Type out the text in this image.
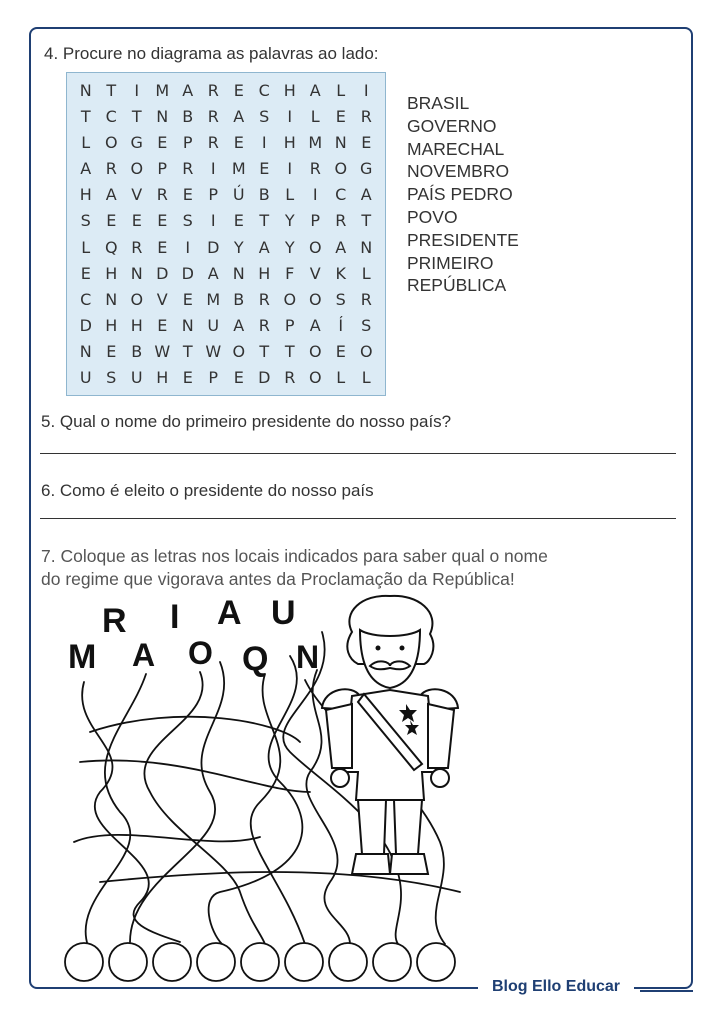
4. Procure no diagrama as palavras ao lado:
N T	I	M A R E C H A L	I
T C T N B R A S	I	L E R
L O G E P R E	I	H M N E
A R O P R	I	M E	I	R O G
H A V R E P Ú B L	I	C A
S E E E S	I	E T Y P R T
L Q R E	I	D Y A Y O A N
E H N D D A N H F V K L
C N O V E M B R O O S R
D H H E N U A R P A	Í	S
N E B W T W O T T O E O
U S U H E P E D R O L	L
BRASIL
GOVERNO
MARECHAL
NOVEMBRO
PAÍS PEDRO
POVO
PRESIDENTE
PRIMEIRO
REPÚBLICA
5. Qual o nome do primeiro presidente do nosso país?
6. Como é eleito o presidente do nosso país
7. Coloque as letras nos locais indicados para saber qual o nome
do regime que vigorava antes da Proclamação da República!
R I A U
M A O Q N
Blog Ello Educar
